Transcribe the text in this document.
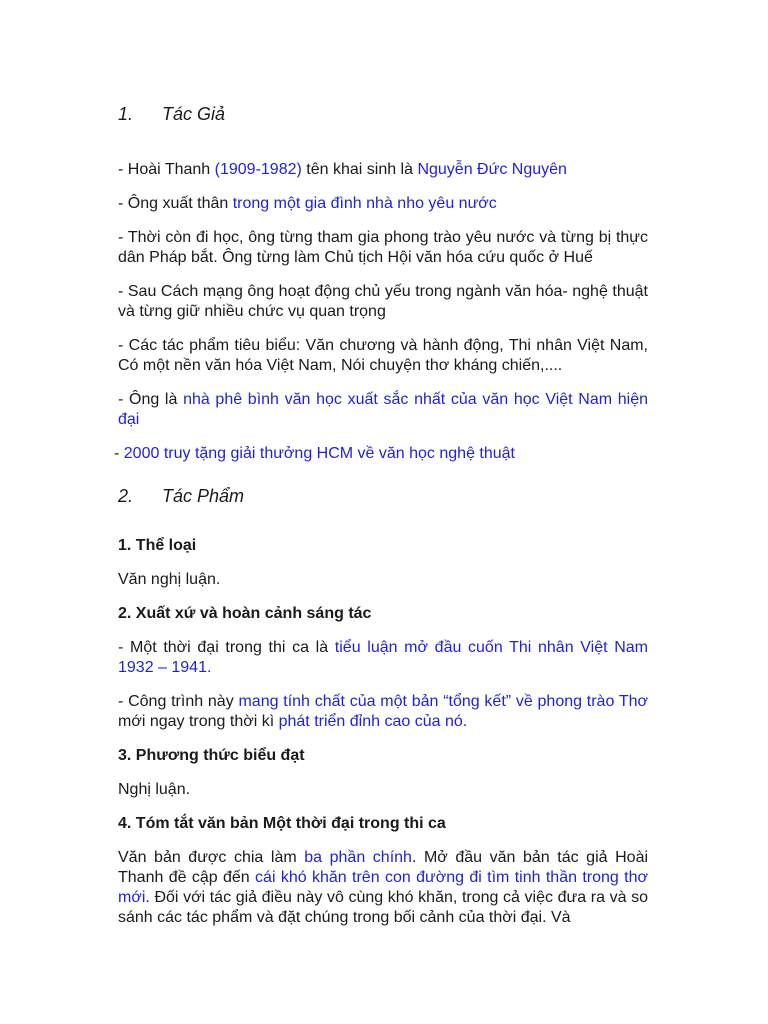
1.	Tác Giả

- Hoài Thanh (1909-1982) tên khai sinh là Nguyễn Đức Nguyên

- Ông xuất thân trong một gia đình nhà nho yêu nước

- Thời còn đi học, ông từng tham gia phong trào yêu nước và từng bị thực dân Pháp bắt. Ông từng làm Chủ tịch Hội văn hóa cứu quốc ở Huế

- Sau Cách mạng ông hoạt động chủ yếu trong ngành văn hóa- nghệ thuật và từng giữ nhiều chức vụ quan trọng

- Các tác phẩm tiêu biểu: Văn chương và hành động, Thi nhân Việt Nam, Có một nền văn hóa Việt Nam, Nói chuyện thơ kháng chiến,....

- Ông là nhà phê bình văn học xuất sắc nhất của văn học Việt Nam hiện đại

- 2000 truy tặng giải thưởng HCM về văn học nghệ thuật

2.	Tác Phẩm

1. Thể loại

Văn nghị luận.

2. Xuất xứ và hoàn cảnh sáng tác

- Một thời đại trong thi ca là tiểu luận mở đầu cuốn Thi nhân Việt Nam 1932 – 1941.

- Công trình này mang tính chất của một bản “tổng kết” về phong trào Thơ mới ngay trong thời kì phát triển đỉnh cao của nó.

3. Phương thức biểu đạt

Nghị luận.

4. Tóm tắt văn bản Một thời đại trong thi ca

Văn bản được chia làm ba phần chính. Mở đầu văn bản tác giả Hoài Thanh đề cập đến cái khó khăn trên con đường đi tìm tinh thần trong thơ mới. Đối với tác giả điều này vô cùng khó khăn, trong cả việc đưa ra và so sánh các tác phẩm và đặt chúng trong bối cảnh của thời đại. Và
